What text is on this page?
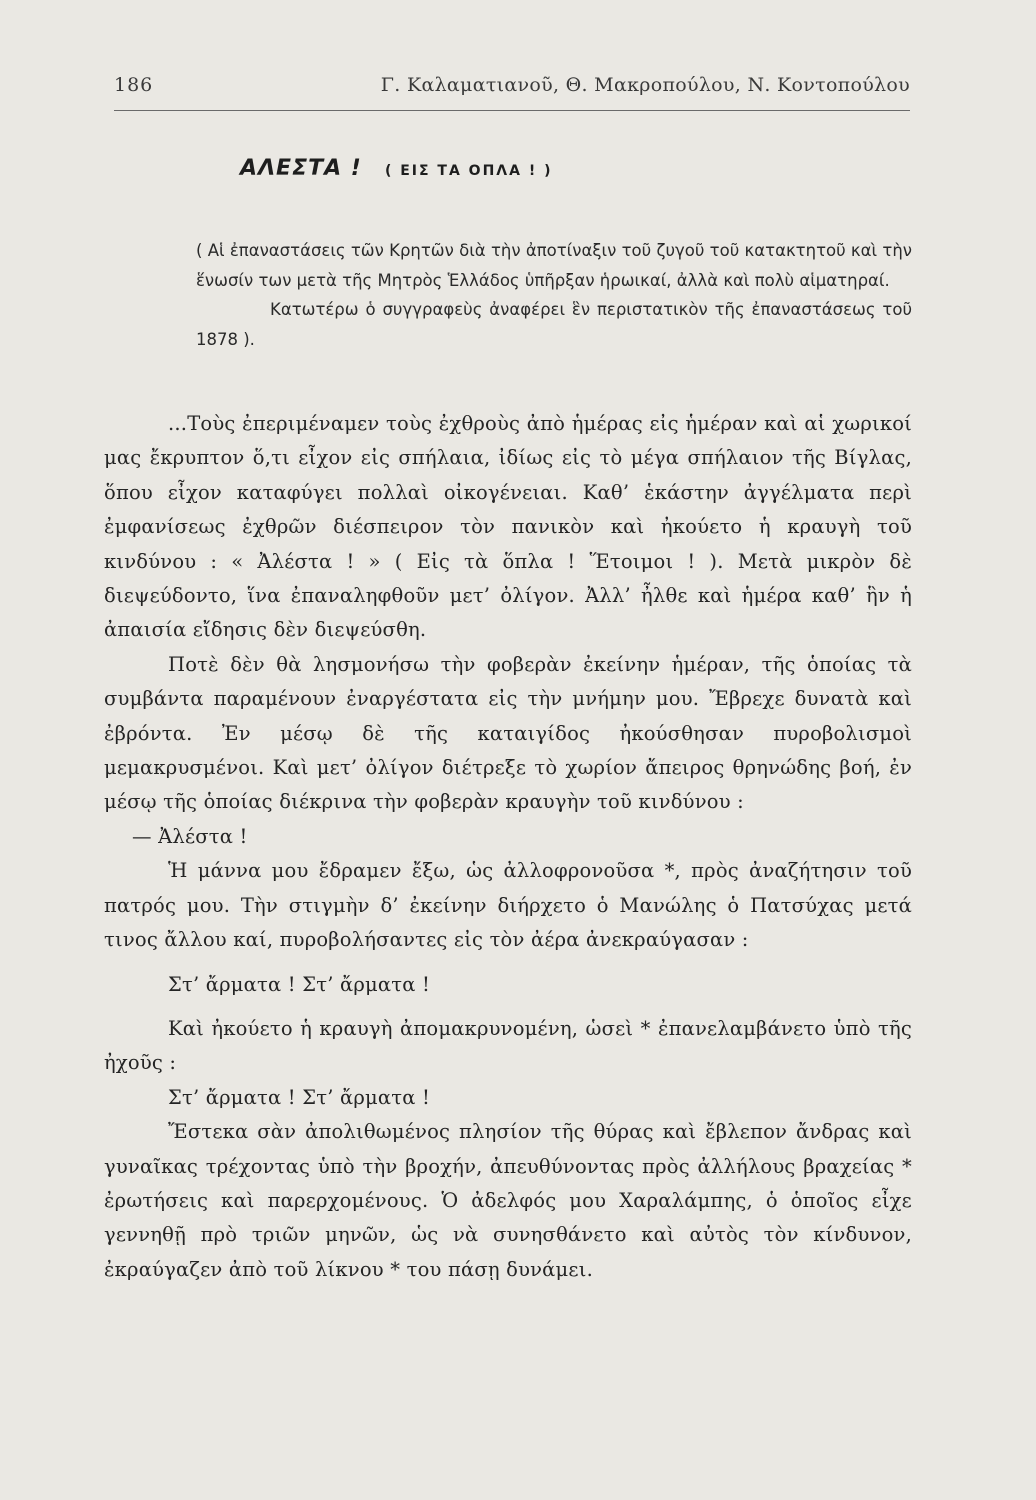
186	Γ. Καλαματιανοῦ, Θ. Μακροπούλου, Ν. Κοντοπούλου
ΑΛΕΣΤΑ ! ( ΕΙΣ ΤΑ ΟΠΛΑ ! )

( Αἱ ἐπαναστάσεις τῶν Κρητῶν διὰ τὴν ἀποτίναξιν τοῦ ζυγοῦ τοῦ κατακτητοῦ καὶ τὴν ἕνωσίν των μετὰ τῆς Μητρὸς Ἑλλάδος ὑπῆρξαν ἡρωικαί, ἀλλὰ καὶ πολὺ αἱματηραί.

Κατωτέρω ὁ συγγραφεὺς ἀναφέρει ἓν περιστατικὸν τῆς ἐπαναστάσεως τοῦ 1878 ).

...Τοὺς ἐπεριμέναμεν τοὺς ἐχθροὺς ἀπὸ ἡμέρας εἰς ἡμέραν καὶ αἱ χωρικοί μας ἔκρυπτον ὅ,τι εἶχον εἰς σπήλαια, ἰδίως εἰς τὸ μέγα σπήλαιον τῆς Βίγλας, ὅπου εἶχον καταφύγει πολλαὶ οἰκογένειαι. Καθ’ ἑκάστην ἀγγέλματα περὶ ἐμφανίσεως ἐχθρῶν διέσπειρον τὸν πανικὸν καὶ ἠκούετο ἡ κραυγὴ τοῦ κινδύνου : « Ἀλέστα ! » ( Εἰς τὰ ὅπλα ! Ἕτοιμοι ! ). Μετὰ μικρὸν δὲ διεψεύδοντο, ἵνα ἐπαναληφθοῦν μετ’ ὀλίγον. Ἀλλ’ ἦλθε καὶ ἡμέρα καθ’ ἣν ἡ ἀπαισία εἴδησις δὲν διεψεύσθη.

Ποτὲ δὲν θὰ λησμονήσω τὴν φοβερὰν ἐκείνην ἡμέραν, τῆς ὁποίας τὰ συμβάντα παραμένουν ἐναργέστατα εἰς τὴν μνήμην μου. Ἔβρεχε δυνατὰ καὶ ἐβρόντα. Ἐν μέσῳ δὲ τῆς καταιγίδος ἠκούσθησαν πυροβολισμοὶ μεμακρυσμένοι. Καὶ μετ’ ὀλίγον διέτρεξε τὸ χωρίον ἄπειρος θρηνώδης βοή, ἐν μέσῳ τῆς ὁποίας διέκρινα τὴν φοβερὰν κραυγὴν τοῦ κινδύνου :

— Ἀλέστα !

Ἡ μάννα μου ἔδραμεν ἔξω, ὡς ἀλλοφρονοῦσα *, πρὸς ἀναζήτησιν τοῦ πατρός μου. Τὴν στιγμὴν δ’ ἐκείνην διήρχετο ὁ Μανώλης ὁ Πατσύχας μετά τινος ἄλλου καί, πυροβολήσαντες εἰς τὸν ἀέρα ἀνεκραύγασαν :

Στ’ ἄρματα ! Στ’ ἄρματα !

Καὶ ἠκούετο ἡ κραυγὴ ἀπομακρυνομένη, ὡσεὶ * ἐπανελαμβάνετο ὑπὸ τῆς ἠχοῦς :

Στ’ ἄρματα ! Στ’ ἄρματα !

Ἔστεκα σὰν ἀπολιθωμένος πλησίον τῆς θύρας καὶ ἔβλεπον ἄνδρας καὶ γυναῖκας τρέχοντας ὑπὸ τὴν βροχήν, ἀπευθύνοντας πρὸς ἀλλήλους βραχείας * ἐρωτήσεις καὶ παρερχομένους. Ὁ ἀδελφός μου Χαραλάμπης, ὁ ὁποῖος εἶχε γεννηθῇ πρὸ τριῶν μηνῶν, ὡς νὰ συνησθάνετο καὶ αὐτὸς τὸν κίνδυνον, ἐκραύγαζεν ἀπὸ τοῦ λίκνου * του πάσῃ δυνάμει.
